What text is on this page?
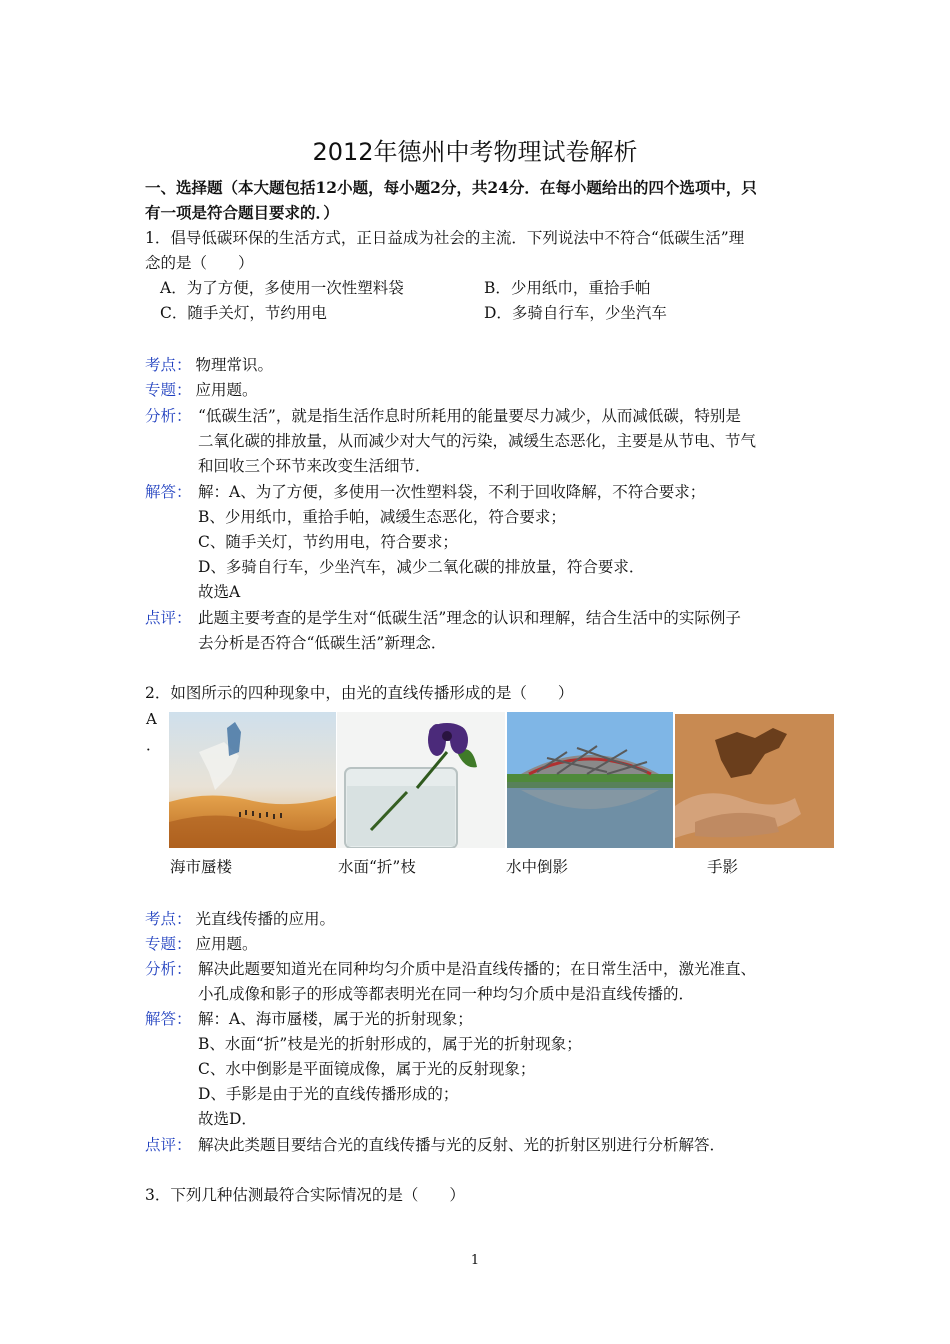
2012年德州中考物理试卷解析
一、选择题（本大题包括12小题，每小题2分，共24分．在每小题给出的四个选项中，只
有一项是符合题目要求的．）
1．倡导低碳环保的生活方式，正日益成为社会的主流．下列说法中不符合“低碳生活”理
念的是（　　）
A．为了方便，多使用一次性塑料袋	B．少用纸巾，重拾手帕
C．随手关灯，节约用电	D．多骑自行车，少坐汽车
考点： 物理常识。
专题： 应用题。
分析： “低碳生活”，就是指生活作息时所耗用的能量要尽力减少，从而减低碳，特别是
二氧化碳的排放量，从而减少对大气的污染，减缓生态恶化，主要是从节电、节气
和回收三个环节来改变生活细节．
解答： 解：A、为了方便，多使用一次性塑料袋，不利于回收降解，不符合要求；
B、少用纸巾，重拾手帕，减缓生态恶化，符合要求；
C、随手关灯，节约用电，符合要求；
D、多骑自行车，少坐汽车，减少二氧化碳的排放量，符合要求．
故选A
点评： 此题主要考查的是学生对“低碳生活”理念的认识和理解，结合生活中的实际例子
去分析是否符合“低碳生活”新理念．
2．如图所示的四种现象中，由光的直线传播形成的是（　　）
A
．
海市蜃楼	水面“折”枝	水中倒影	手影
考点： 光直线传播的应用。
专题： 应用题。
分析： 解决此题要知道光在同种均匀介质中是沿直线传播的；在日常生活中，激光准直、
小孔成像和影子的形成等都表明光在同一种均匀介质中是沿直线传播的．
解答： 解：A、海市蜃楼，属于光的折射现象；
B、水面“折”枝是光的折射形成的，属于光的折射现象；
C、水中倒影是平面镜成像，属于光的反射现象；
D、手影是由于光的直线传播形成的；
故选D．
点评： 解决此类题目要结合光的直线传播与光的反射、光的折射区别进行分析解答．
3．下列几种估测最符合实际情况的是（　　）
1
